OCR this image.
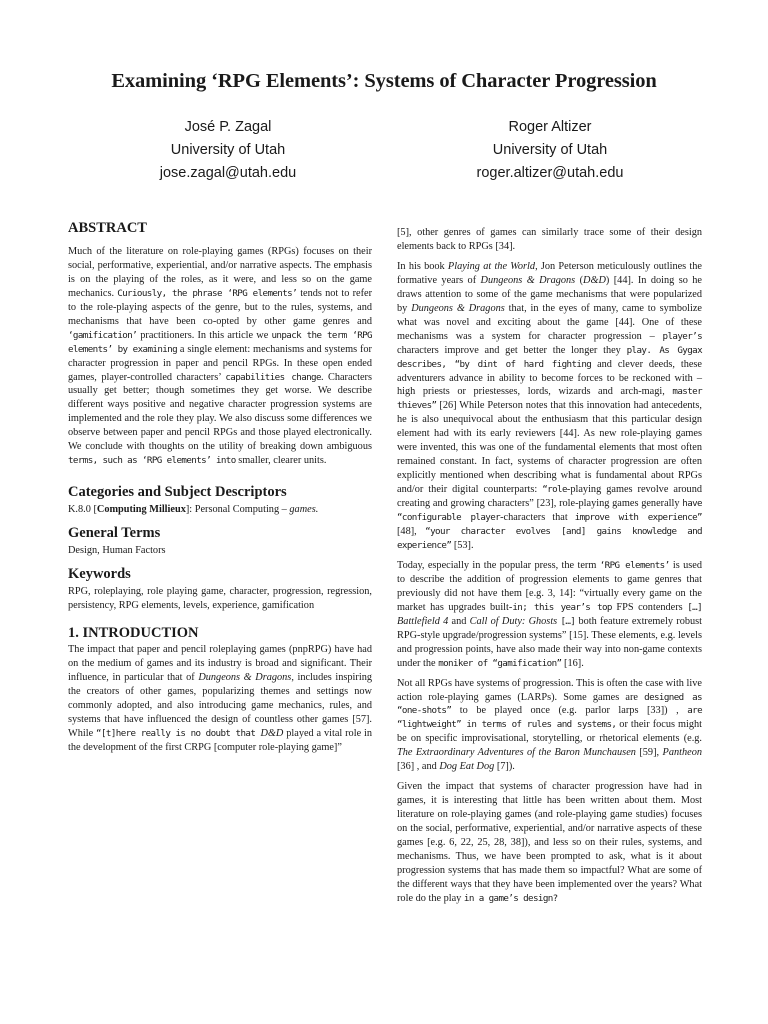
Examining ‘RPG Elements’: Systems of Character Progression
José P. Zagal
University of Utah
jose.zagal@utah.edu
Roger Altizer
University of Utah
roger.altizer@utah.edu
ABSTRACT

Much of the literature on role-playing games (RPGs) focuses on their social, performative, experiential, and/or narrative aspects. The emphasis is on the playing of the roles, as it were, and less so on the game mechanics. Curiously, the phrase ‘RPG elements’ tends not to refer to the role-playing aspects of the genre, but to the rules, systems, and mechanisms that have been co-opted by other game genres and ‘gamification’ practitioners. In this article we unpack the term ‘RPG elements’ by examining a single element: mechanisms and systems for character progression in paper and pencil RPGs. In these open ended games, player-controlled characters’ capabilities change. Characters usually get better; though sometimes they get worse. We describe different ways positive and negative character progression systems are implemented and the role they play. We also discuss some differences we observe between paper and pencil RPGs and those played electronically. We conclude with thoughts on the utility of breaking down ambiguous terms, such as ‘RPG elements’ into smaller, clearer units.

Categories and Subject Descriptors

K.8.0 [Computing Millieux]: Personal Computing – games.

General Terms

Design, Human Factors

Keywords

RPG, roleplaying, role playing game, character, progression, regression, persistency, RPG elements, levels, experience, gamification

1. INTRODUCTION

The impact that paper and pencil roleplaying games (pnpRPG) have had on the medium of games and its industry is broad and significant. Their influence, in particular that of Dungeons & Dragons, includes inspiring the creators of other games, popularizing themes and settings now commonly adopted, and also introducing game mechanics, rules, and systems that have influenced the design of countless other games [57]. While “[t]here really is no doubt that D&D played a vital role in the development of the first CRPG [computer role-playing game]”

[5], other genres of games can similarly trace some of their design elements back to RPGs [34].

In his book Playing at the World, Jon Peterson meticulously outlines the formative years of Dungeons & Dragons (D&D) [44]. In doing so he draws attention to some of the game mechanisms that were popularized by Dungeons & Dragons that, in the eyes of many, came to symbolize what was novel and exciting about the game [44]. One of these mechanisms was a system for character progression – player’s characters improve and get better the longer they play. As Gygax describes, “by dint of hard fighting and clever deeds, these adventurers advance in ability to become forces to be reckoned with – high priests or priestesses, lords, wizards and arch-magi, master thieves” [26] While Peterson notes that this innovation had antecedents, he is also unequivocal about the enthusiasm that this particular design element had with its early reviewers [44]. As new role-playing games were invented, this was one of the fundamental elements that most often remained constant. In fact, systems of character progression are often explicitly mentioned when describing what is fundamental about RPGs and/or their digital counterparts: “role-playing games revolve around creating and growing characters” [23], role-playing games generally have “configurable player-characters that improve with experience” [48], “your character evolves [and] gains knowledge and experience” [53].

Today, especially in the popular press, the term ‘RPG elements’ is used to describe the addition of progression elements to game genres that previously did not have them [e.g. 3, 14]: “virtually every game on the market has upgrades built-in; this year’s top FPS contenders […] Battlefield 4 and Call of Duty: Ghosts […] both feature extremely robust RPG-style upgrade/progression systems” [15]. These elements, e.g. levels and progression points, have also made their way into non-game contexts under the moniker of “gamification” [16].

Not all RPGs have systems of progression. This is often the case with live action role-playing games (LARPs). Some games are designed as “one-shots” to be played once (e.g. parlor larps [33]) , are “lightweight” in terms of rules and systems, or their focus might be on specific improvisational, storytelling, or rhetorical elements (e.g. The Extraordinary Adventures of the Baron Munchausen [59], Pantheon [36] , and Dog Eat Dog [7]).

Given the impact that systems of character progression have had in games, it is interesting that little has been written about them. Most literature on role-playing games (and role-playing game studies) focuses on the social, performative, experiential, and/or narrative aspects of these games [e.g. 6, 22, 25, 28, 38]), and less so on their rules, systems, and mechanisms. Thus, we have been prompted to ask, what is it about progression systems that has made them so impactful? What are some of the different ways that they have been implemented over the years? What role do the play in a game’s design?
